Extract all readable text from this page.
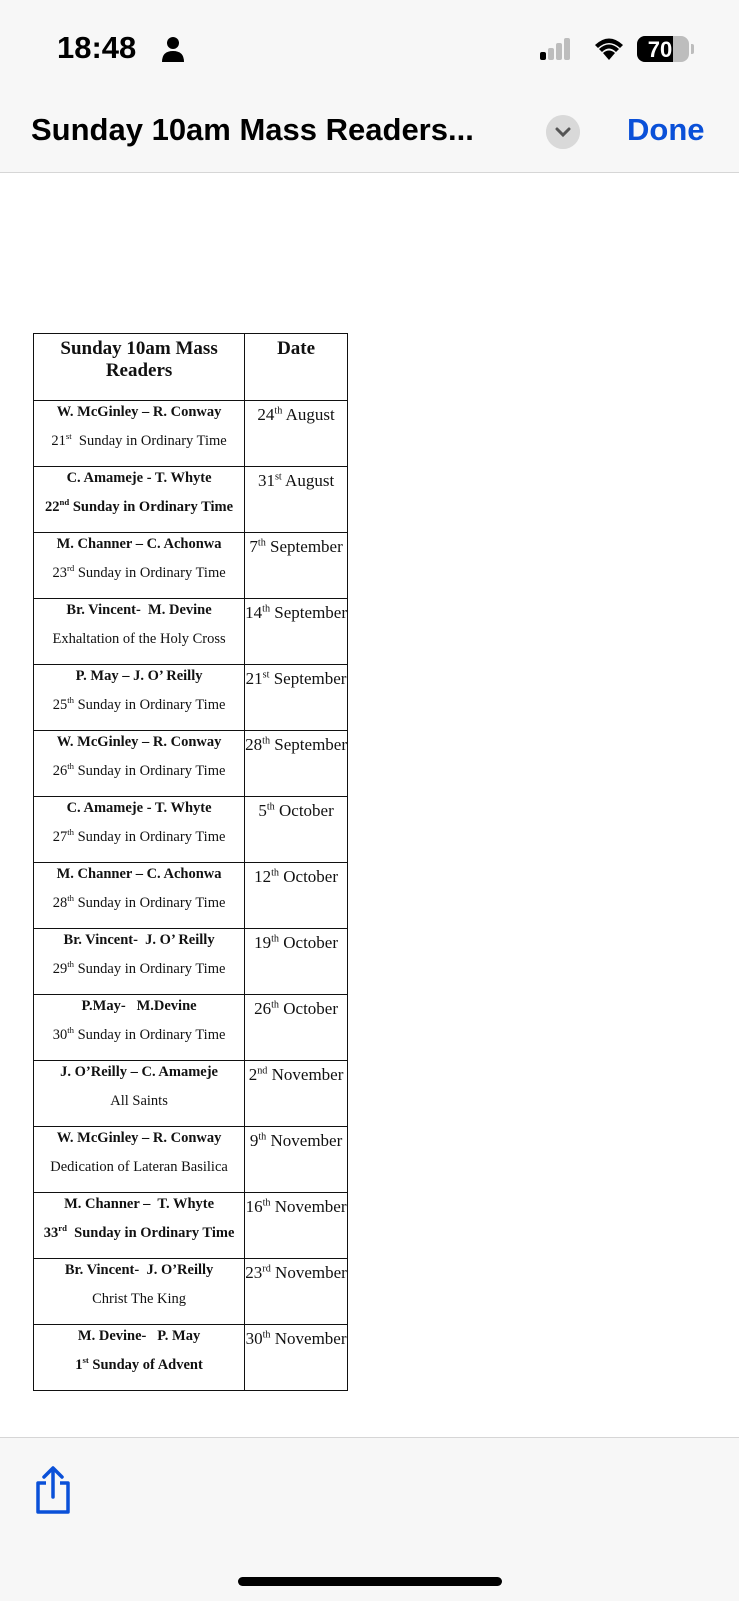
18:48	70
Sunday 10am Mass Readers...	Done
Sunday 10am Mass Readers	Date

W. McGinley – R. Conway
21st  Sunday in Ordinary Time	24th August

C. Amameje - T. Whyte
22nd Sunday in Ordinary Time	31st August

M. Channer – C. Achonwa
23rd Sunday in Ordinary Time	7th September

Br. Vincent-  M. Devine
Exhaltation of the Holy Cross	14th September

P. May – J. O’ Reilly
25th Sunday in Ordinary Time	21st September

W. McGinley – R. Conway
26th Sunday in Ordinary Time	28th September

C. Amameje - T. Whyte
27th Sunday in Ordinary Time	5th October

M. Channer – C. Achonwa
28th Sunday in Ordinary Time	12th October

Br. Vincent-  J. O’ Reilly
29th Sunday in Ordinary Time	19th October

P.May-   M.Devine
30th Sunday in Ordinary Time	26th October

J. O’Reilly – C. Amameje
All Saints	2nd November

W. McGinley – R. Conway
Dedication of Lateran Basilica	9th November

M. Channer –  T. Whyte
33rd  Sunday in Ordinary Time	16th November

Br. Vincent-  J. O’Reilly
Christ The King	23rd November

M. Devine-   P. May
1st Sunday of Advent	30th November
